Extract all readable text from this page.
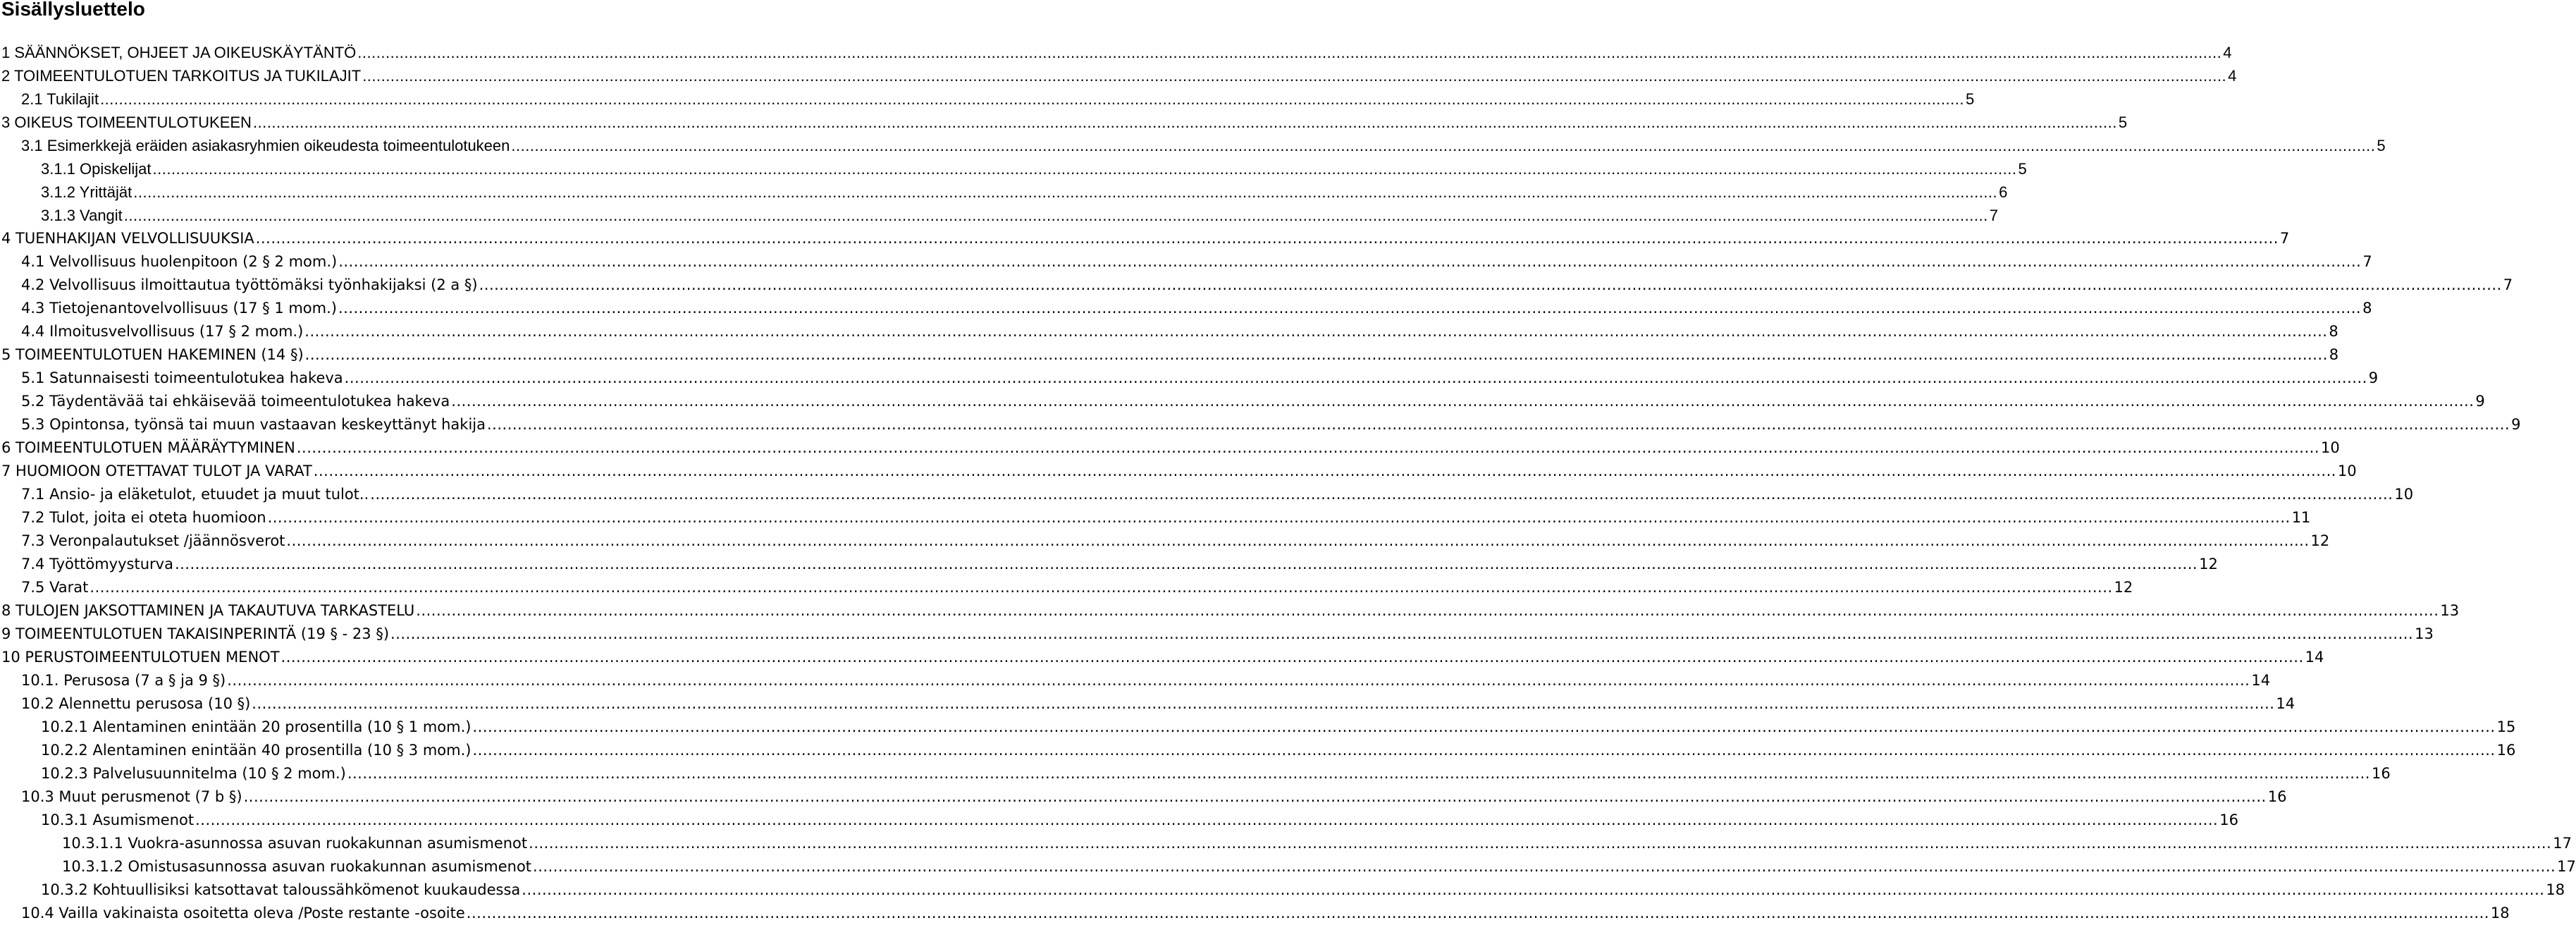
Sisällysluettelo
1 SÄÄNNÖKSET, OHJEET JA OIKEUSKÄYTÄNTÖ ................................................................................................................................................................................................................................................................................................................................................................................................................ 4
2 TOIMEENTULOTUEN TARKOITUS JA TUKILAJIT ................................................................................................................................................................................................................................................................................................................................................................................................................ 4
2.1 Tukilajit ................................................................................................................................................................................................................................................................................................................................................................................................................ 5
3 OIKEUS TOIMEENTULOTUKEEN ................................................................................................................................................................................................................................................................................................................................................................................................................ 5
3.1 Esimerkkejä eräiden asiakasryhmien oikeudesta toimeentulotukeen ................................................................................................................................................................................................................................................................................................................................................................................................................ 5
3.1.1 Opiskelijat ................................................................................................................................................................................................................................................................................................................................................................................................................ 5
3.1.2 Yrittäjät ................................................................................................................................................................................................................................................................................................................................................................................................................ 6
3.1.3 Vangit ................................................................................................................................................................................................................................................................................................................................................................................................................ 7
4 TUENHAKIJAN VELVOLLISUUKSIA ................................................................................................................................................................................................................................................................................................................................................................................................................ 7
4.1 Velvollisuus huolenpitoon (2 § 2 mom.) ................................................................................................................................................................................................................................................................................................................................................................................................................ 7
4.2 Velvollisuus ilmoittautua työttömäksi työnhakijaksi (2 a §) ................................................................................................................................................................................................................................................................................................................................................................................................................ 7
4.3 Tietojenantovelvollisuus (17 § 1 mom.) ................................................................................................................................................................................................................................................................................................................................................................................................................ 8
4.4 Ilmoitusvelvollisuus (17 § 2 mom.) ................................................................................................................................................................................................................................................................................................................................................................................................................ 8
5 TOIMEENTULOTUEN HAKEMINEN (14 §) ................................................................................................................................................................................................................................................................................................................................................................................................................ 8
5.1 Satunnaisesti toimeentulotukea hakeva ................................................................................................................................................................................................................................................................................................................................................................................................................ 9
5.2 Täydentävää tai ehkäisevää toimeentulotukea hakeva ................................................................................................................................................................................................................................................................................................................................................................................................................ 9
5.3 Opintonsa, työnsä tai muun vastaavan keskeyttänyt hakija ................................................................................................................................................................................................................................................................................................................................................................................................................ 9
6 TOIMEENTULOTUEN MÄÄRÄYTYMINEN ................................................................................................................................................................................................................................................................................................................................................................................................................ 10
7 HUOMIOON OTETTAVAT TULOT JA VARAT ................................................................................................................................................................................................................................................................................................................................................................................................................ 10
7.1 Ansio- ja eläketulot, etuudet ja muut tulot.. ................................................................................................................................................................................................................................................................................................................................................................................................................ 10
7.2 Tulot, joita ei oteta huomioon ................................................................................................................................................................................................................................................................................................................................................................................................................ 11
7.3 Veronpalautukset /jäännösverot ................................................................................................................................................................................................................................................................................................................................................................................................................ 12
7.4 Työttömyysturva ................................................................................................................................................................................................................................................................................................................................................................................................................ 12
7.5 Varat ................................................................................................................................................................................................................................................................................................................................................................................................................ 12
8 TULOJEN JAKSOTTAMINEN JA TAKAUTUVA TARKASTELU ................................................................................................................................................................................................................................................................................................................................................................................................................ 13
9 TOIMEENTULOTUEN TAKAISINPERINTÄ (19 § - 23 §) ................................................................................................................................................................................................................................................................................................................................................................................................................ 13
10 PERUSTOIMEENTULOTUEN MENOT ................................................................................................................................................................................................................................................................................................................................................................................................................ 14
10.1. Perusosa (7 a § ja 9 §) ................................................................................................................................................................................................................................................................................................................................................................................................................ 14
10.2 Alennettu perusosa (10 §) ................................................................................................................................................................................................................................................................................................................................................................................................................ 14
10.2.1 Alentaminen enintään 20 prosentilla (10 § 1 mom.) ................................................................................................................................................................................................................................................................................................................................................................................................................ 15
10.2.2 Alentaminen enintään 40 prosentilla (10 § 3 mom.) ................................................................................................................................................................................................................................................................................................................................................................................................................ 16
10.2.3 Palvelusuunnitelma (10 § 2 mom.) ................................................................................................................................................................................................................................................................................................................................................................................................................ 16
10.3 Muut perusmenot (7 b §) ................................................................................................................................................................................................................................................................................................................................................................................................................ 16
10.3.1 Asumismenot ................................................................................................................................................................................................................................................................................................................................................................................................................ 16
10.3.1.1 Vuokra-asunnossa asuvan ruokakunnan asumismenot ................................................................................................................................................................................................................................................................................................................................................................................................................ 17
10.3.1.2 Omistusasunnossa asuvan ruokakunnan asumismenot ................................................................................................................................................................................................................................................................................................................................................................................................................ 17
10.3.2 Kohtuullisiksi katsottavat taloussähkömenot kuukaudessa ................................................................................................................................................................................................................................................................................................................................................................................................................ 18
10.4 Vailla vakinaista osoitetta oleva /Poste restante -osoite ................................................................................................................................................................................................................................................................................................................................................................................................................ 18
